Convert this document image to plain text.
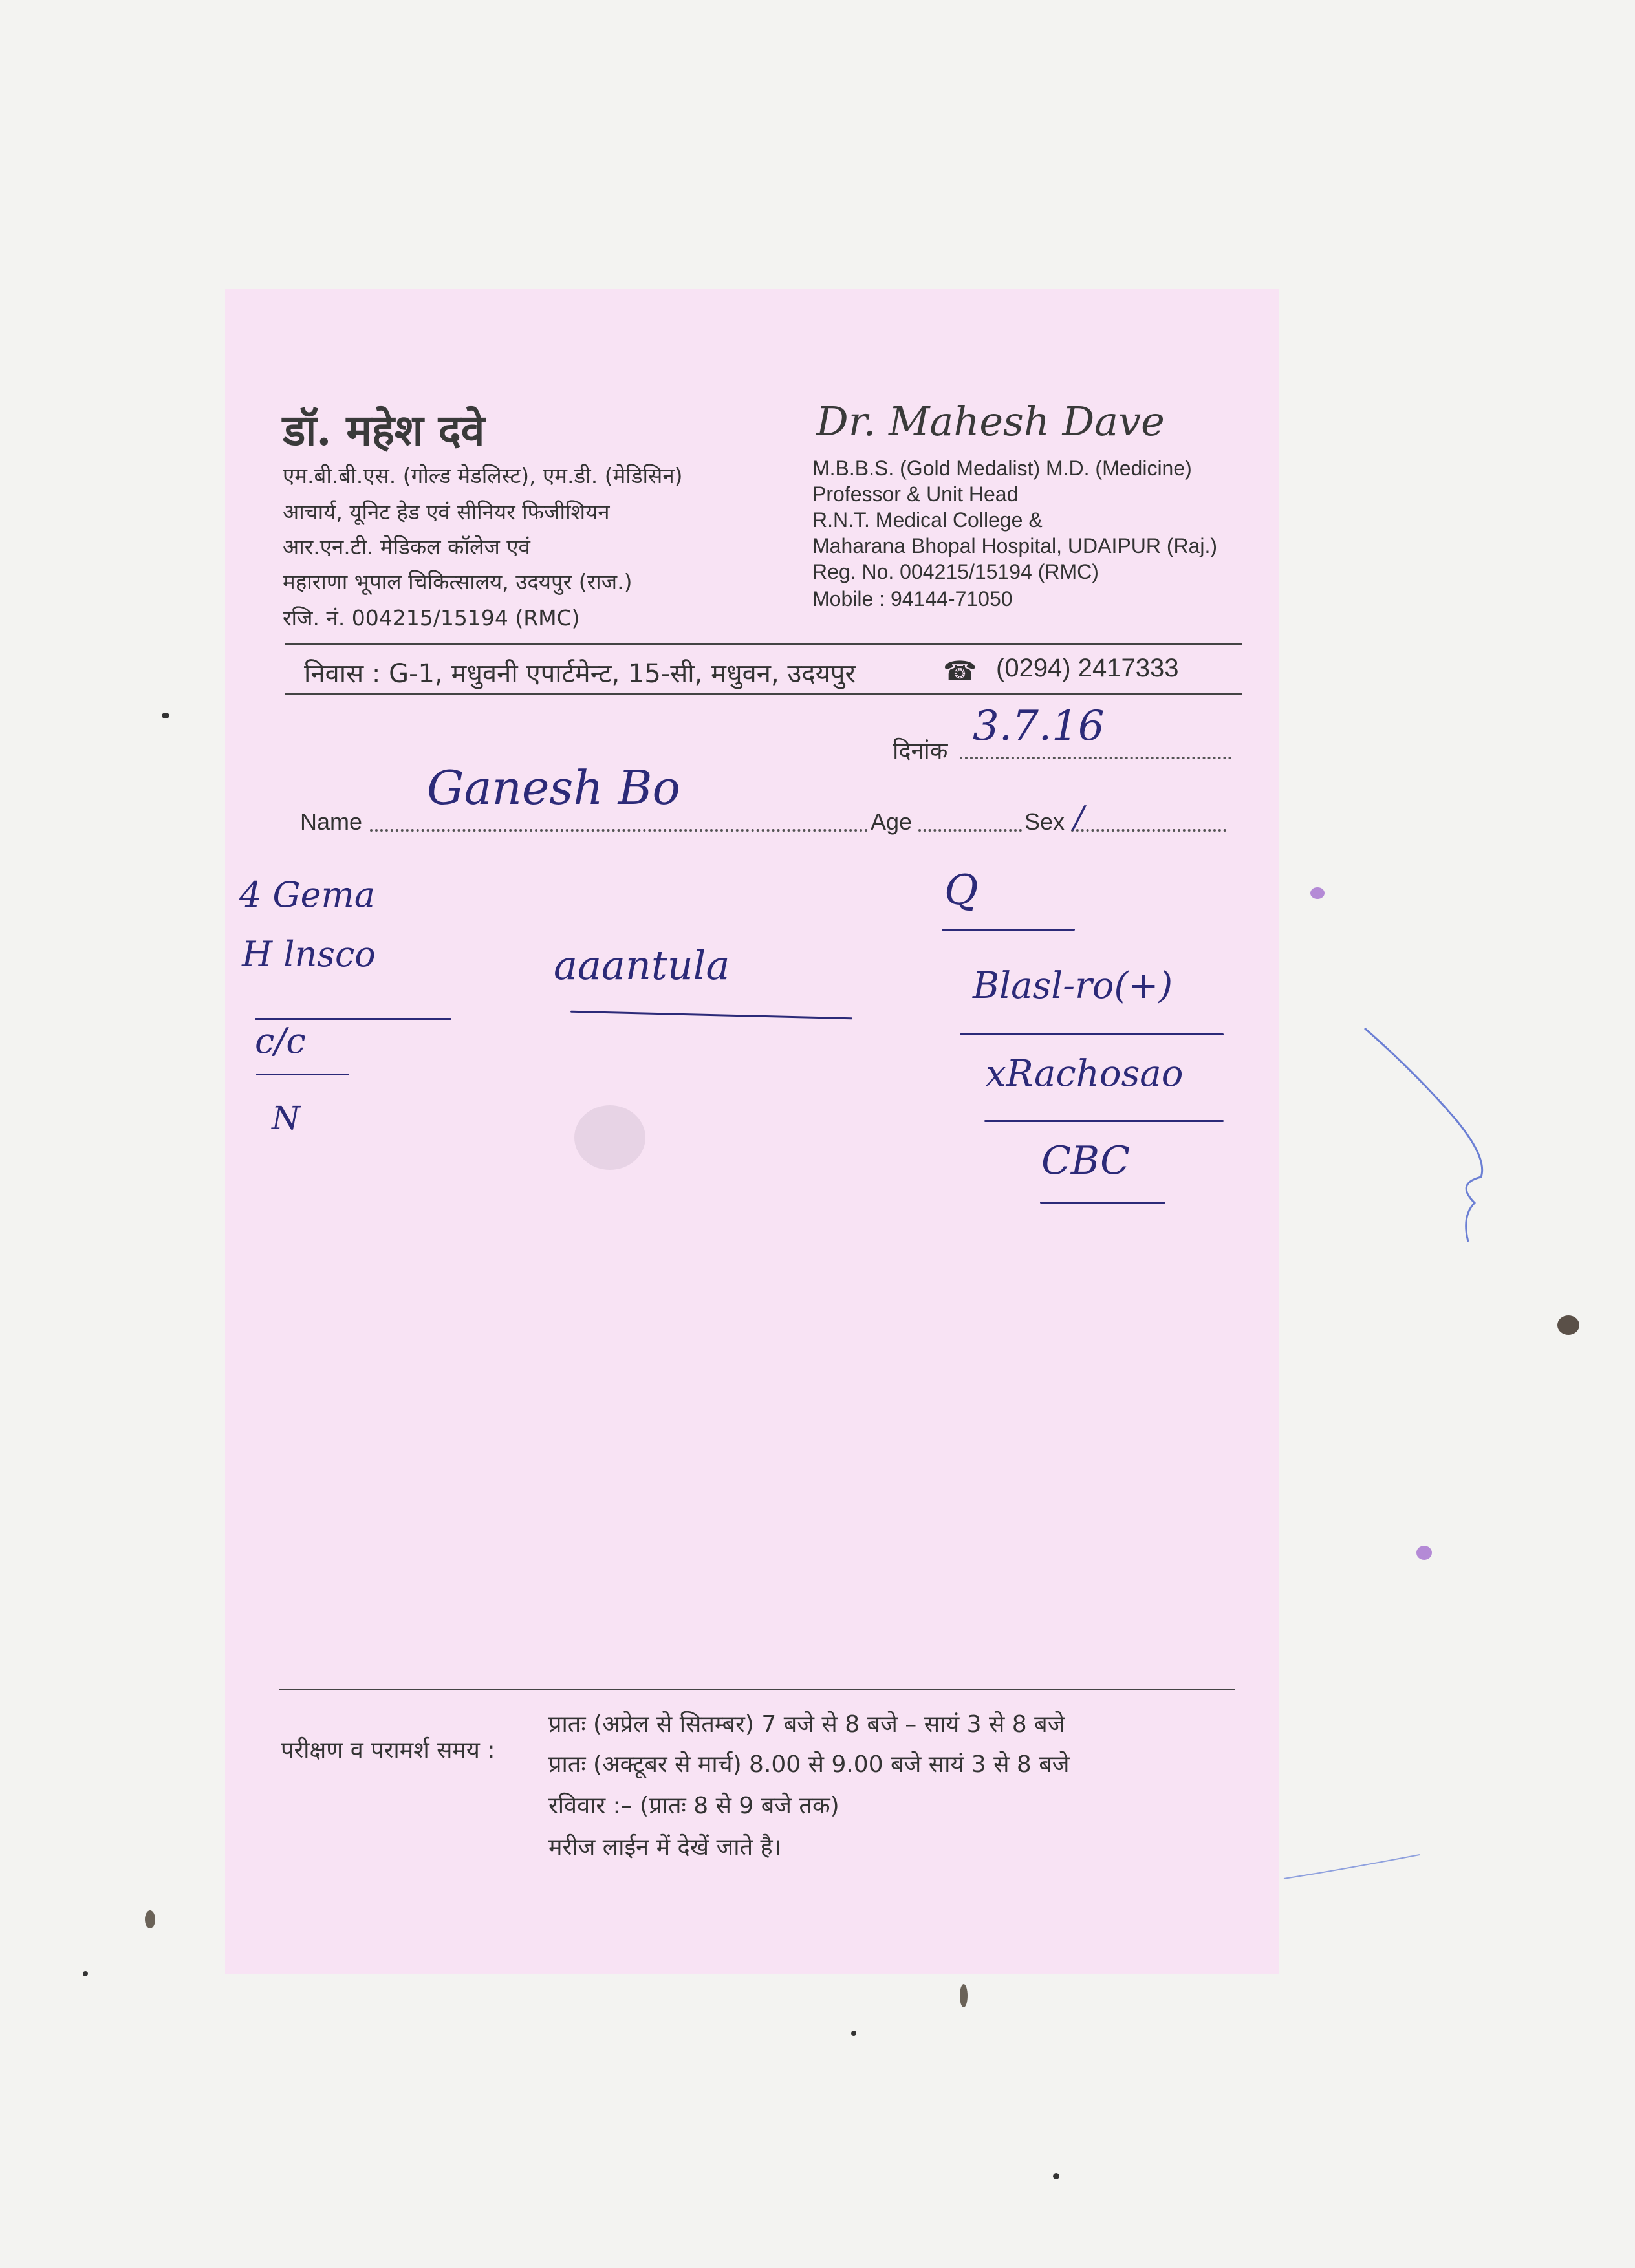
डॉ. महेश दवे
एम.बी.बी.एस. (गोल्ड मेडलिस्ट), एम.डी. (मेडिसिन)
आचार्य, यूनिट हेड एवं सीनियर फिजीशियन
आर.एन.टी. मेडिकल कॉलेज एवं
महाराणा भूपाल चिकित्सालय, उदयपुर (राज.)
रजि. नं. 004215/15194 (RMC)
Dr. Mahesh Dave
M.B.B.S. (Gold Medalist) M.D. (Medicine)
Professor & Unit Head
R.N.T. Medical College &
Maharana Bhopal Hospital, UDAIPUR (Raj.)
Reg. No. 004215/15194 (RMC)
Mobile : 94144-71050
निवास : G-1, मधुवनी एपार्टमेन्ट, 15-सी, मधुवन, उदयपुर	☎ (0294) 2417333
दिनांक
3.7.16
Name
Ganesh Bo
Age	Sex /
4 Gema
H lnsco
c/c
N
aaantula
Q
Blasl-ro(+)
xRachosao
CBC
परीक्षण व परामर्श समय :
प्रातः (अप्रेल से सितम्बर) 7 बजे से 8 बजे – सायं 3 से 8 बजे
प्रातः (अक्टूबर से मार्च) 8.00 से 9.00 बजे सायं 3 से 8 बजे
रविवार :– (प्रातः 8 से 9 बजे तक)
मरीज लाईन में देखें जाते है।
